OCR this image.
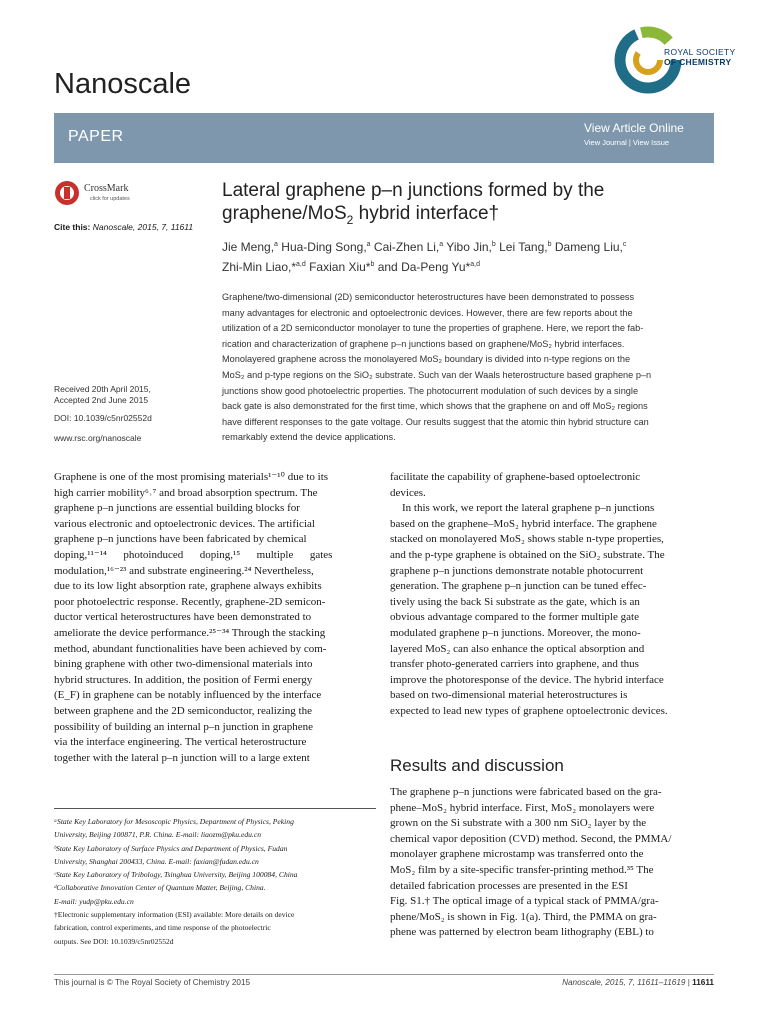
Nanoscale
ROYAL SOCIETY
OF CHEMISTRY
PAPER	View Article Online
View Journal | View Issue
CrossMark
click for updates
Cite this: Nanoscale, 2015, 7, 11611
Lateral graphene p–n junctions formed by the
graphene/MoS$_2$ hybrid interface†
Jie Meng,$^a$ Hua-Ding Song,$^a$ Cai-Zhen Li,$^a$ Yibo Jin,$^b$ Lei Tang,$^b$ Dameng Liu,$^c$
Zhi-Min Liao,*$^{a,d}$ Faxian Xiu*$^b$ and Da-Peng Yu*$^{a,d}$
Graphene/two-dimensional (2D) semiconductor heterostructures have been demonstrated to possess
many advantages for electronic and optoelectronic devices. However, there are few reports about the
utilization of a 2D semiconductor monolayer to tune the properties of graphene. Here, we report the fab-
rication and characterization of graphene p–n junctions based on graphene/MoS₂ hybrid interfaces.
Monolayered graphene across the monolayered MoS₂ boundary is divided into n-type regions on the
MoS₂ and p-type regions on the SiO₂ substrate. Such van der Waals heterostructure based graphene p–n
junctions show good photoelectric properties. The photocurrent modulation of such devices by a single
back gate is also demonstrated for the first time, which shows that the graphene on and off MoS₂ regions
have different responses to the gate voltage. Our results suggest that the atomic thin hybrid structure can
remarkably extend the device applications.
Received 20th April 2015,
Accepted 2nd June 2015
DOI: 10.1039/c5nr02552d
www.rsc.org/nanoscale
Graphene is one of the most promising materials¹⁻¹⁰ due to its
high carrier mobility⁶˒⁷ and broad absorption spectrum. The
graphene p–n junctions are essential building blocks for
various electronic and optoelectronic devices. The artificial
graphene p–n junctions have been fabricated by chemical
doping,¹¹⁻¹⁴      photoinduced      doping,¹⁵      multiple      gates
modulation,¹⁶⁻²³ and substrate engineering.²⁴ Nevertheless,
due to its low light absorption rate, graphene always exhibits
poor photoelectric response. Recently, graphene-2D semicon-
ductor vertical heterostructures have been demonstrated to
ameliorate the device performance.²⁵⁻³⁴ Through the stacking
method, abundant functionalities have been achieved by com-
bining graphene with other two-dimensional materials into
hybrid structures. In addition, the position of Fermi energy
(E_F) in graphene can be notably influenced by the interface
between graphene and the 2D semiconductor, realizing the
possibility of building an internal p–n junction in graphene
via the interface engineering. The vertical heterostructure
together with the lateral p–n junction will to a large extent
facilitate the capability of graphene-based optoelectronic
devices.
In this work, we report the lateral graphene p–n junctions
based on the graphene–MoS₂ hybrid interface. The graphene
stacked on monolayered MoS₂ shows stable n-type properties,
and the p-type graphene is obtained on the SiO₂ substrate. The
graphene p–n junctions demonstrate notable photocurrent
generation. The graphene p–n junction can be tuned effec-
tively using the back Si substrate as the gate, which is an
obvious advantage compared to the former multiple gate
modulated graphene p–n junctions. Moreover, the mono-
layered MoS₂ can also enhance the optical absorption and
transfer photo-generated carriers into graphene, and thus
improve the photoresponse of the device. The hybrid interface
based on two-dimensional material heterostructures is
expected to lead new types of graphene optoelectronic devices.
Results and discussion
The graphene p–n junctions were fabricated based on the gra-
phene–MoS₂ hybrid interface. First, MoS₂ monolayers were
grown on the Si substrate with a 300 nm SiO₂ layer by the
chemical vapor deposition (CVD) method. Second, the PMMA/
monolayer graphene microstamp was transferred onto the
MoS₂ film by a site-specific transfer-printing method.³⁵ The
detailed fabrication processes are presented in the ESI
Fig. S1.† The optical image of a typical stack of PMMA/gra-
phene/MoS₂ is shown in Fig. 1(a). Third, the PMMA on gra-
phene was patterned by electron beam lithography (EBL) to
ᵃState Key Laboratory for Mesoscopic Physics, Department of Physics, Peking
University, Beijing 100871, P.R. China. E-mail: liaozm@pku.edu.cn
ᵇState Key Laboratory of Surface Physics and Department of Physics, Fudan
University, Shanghai 200433, China. E-mail: faxian@fudan.edu.cn
ᶜState Key Laboratory of Tribology, Tsinghua University, Beijing 100084, China
ᵈCollaborative Innovation Center of Quantum Matter, Beijing, China.
E-mail: yudp@pku.edu.cn
†Electronic supplementary information (ESI) available: More details on device
fabrication, control experiments, and time response of the photoelectric
outputs. See DOI: 10.1039/c5nr02552d
This journal is © The Royal Society of Chemistry 2015	Nanoscale, 2015, 7, 11611–11619 | 11611
